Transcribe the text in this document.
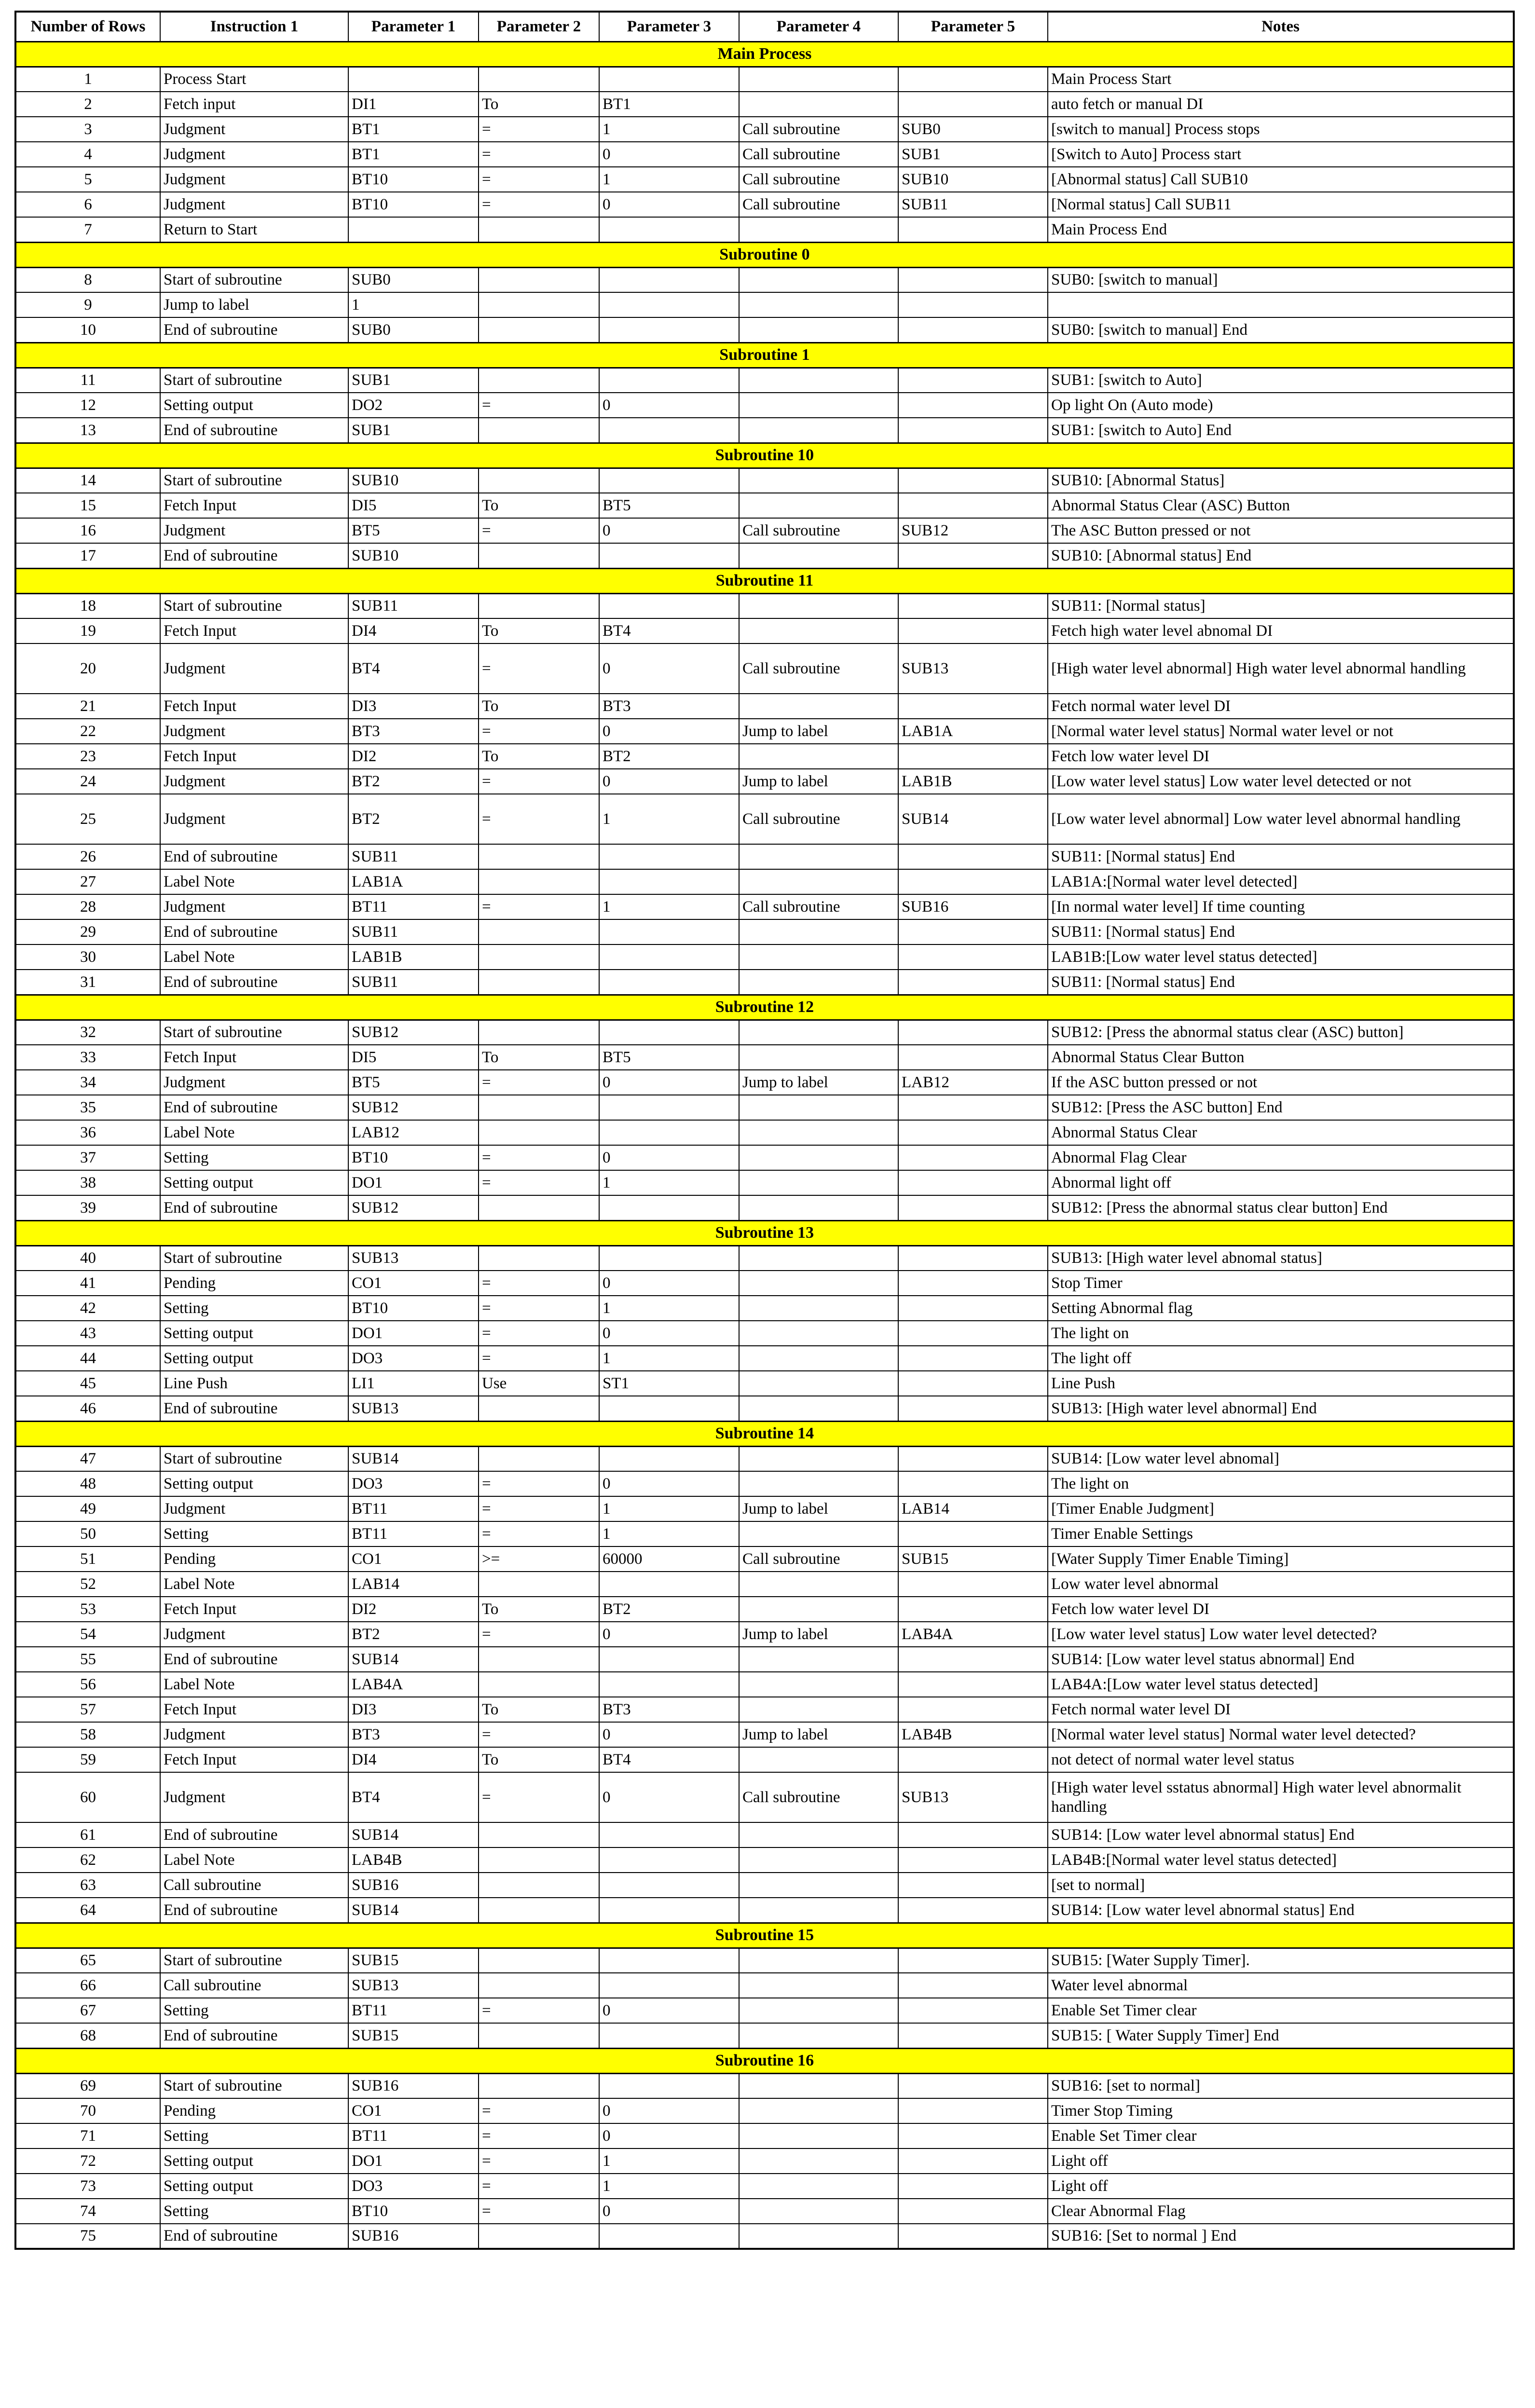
Number of Rows	Instruction 1	Parameter 1	Parameter 2	Parameter 3	Parameter 4	Parameter 5	Notes
Main Process							
1	Process Start						Main Process Start
2	Fetch input	DI1	To	BT1			auto fetch or manual DI
3	Judgment	BT1	=	1	Call subroutine	SUB0	[switch to manual] Process stops
4	Judgment	BT1	=	0	Call subroutine	SUB1	[Switch to Auto] Process start
5	Judgment	BT10	=	1	Call subroutine	SUB10	[Abnormal status] Call SUB10
6	Judgment	BT10	=	0	Call subroutine	SUB11	[Normal status] Call SUB11
7	Return to Start						Main Process End
Subroutine 0							
8	Start of subroutine	SUB0					SUB0: [switch to manual]
9	Jump to label	1					
10	End of subroutine	SUB0					SUB0: [switch to manual] End
Subroutine 1							
11	Start of subroutine	SUB1					SUB1: [switch to Auto]
12	Setting output	DO2	=	0			Op light On (Auto mode)
13	End of subroutine	SUB1					SUB1: [switch to Auto] End
Subroutine 10							
14	Start of subroutine	SUB10					SUB10: [Abnormal Status]
15	Fetch Input	DI5	To	BT5			Abnormal Status Clear (ASC) Button
16	Judgment	BT5	=	0	Call subroutine	SUB12	The ASC Button pressed or not
17	End of subroutine	SUB10					SUB10: [Abnormal status] End
Subroutine 11							
18	Start of subroutine	SUB11					SUB11: [Normal status]
19	Fetch Input	DI4	To	BT4			Fetch high water level abnomal DI
20	Judgment	BT4	=	0	Call subroutine	SUB13	[High water level abnormal] High water level abnormal handling
21	Fetch Input	DI3	To	BT3			Fetch normal water level DI
22	Judgment	BT3	=	0	Jump to label	LAB1A	[Normal water level status] Normal water level or not
23	Fetch Input	DI2	To	BT2			Fetch low water level DI
24	Judgment	BT2	=	0	Jump to label	LAB1B	[Low water level status] Low water level detected or not
25	Judgment	BT2	=	1	Call subroutine	SUB14	[Low water level abnormal] Low water level abnormal handling
26	End of subroutine	SUB11					SUB11: [Normal status] End
27	Label Note	LAB1A					LAB1A:[Normal water level detected]
28	Judgment	BT11	=	1	Call subroutine	SUB16	[In normal water level] If time counting
29	End of subroutine	SUB11					SUB11: [Normal status] End
30	Label Note	LAB1B					LAB1B:[Low water level status detected]
31	End of subroutine	SUB11					SUB11: [Normal status] End
Subroutine 12							
32	Start of subroutine	SUB12					SUB12: [Press the abnormal status clear (ASC) button]
33	Fetch Input	DI5	To	BT5			Abnormal Status Clear Button
34	Judgment	BT5	=	0	Jump to label	LAB12	If the ASC button pressed or not
35	End of subroutine	SUB12					SUB12: [Press the ASC button] End
36	Label Note	LAB12					Abnormal Status Clear
37	Setting	BT10	=	0			Abnormal Flag Clear
38	Setting output	DO1	=	1			Abnormal light off
39	End of subroutine	SUB12					SUB12: [Press the abnormal status clear button] End
Subroutine 13							
40	Start of subroutine	SUB13					SUB13: [High water level abnomal status]
41	Pending	CO1	=	0			Stop Timer
42	Setting	BT10	=	1			Setting Abnormal flag
43	Setting output	DO1	=	0			The light on
44	Setting output	DO3	=	1			The light off
45	Line Push	LI1	Use	ST1			Line Push
46	End of subroutine	SUB13					SUB13: [High water level abnormal] End
Subroutine 14							
47	Start of subroutine	SUB14					SUB14: [Low water level abnomal]
48	Setting output	DO3	=	0			The light on
49	Judgment	BT11	=	1	Jump to label	LAB14	[Timer Enable Judgment]
50	Setting	BT11	=	1			Timer Enable Settings
51	Pending	CO1	>=	60000	Call subroutine	SUB15	[Water Supply Timer Enable Timing]
52	Label Note	LAB14					Low water level abnormal
53	Fetch Input	DI2	To	BT2			Fetch low water level DI
54	Judgment	BT2	=	0	Jump to label	LAB4A	[Low water level status] Low water level detected?
55	End of subroutine	SUB14					SUB14: [Low water level status abnormal] End
56	Label Note	LAB4A					LAB4A:[Low water level status detected]
57	Fetch Input	DI3	To	BT3			Fetch normal water level DI
58	Judgment	BT3	=	0	Jump to label	LAB4B	[Normal water level status] Normal water level detected?
59	Fetch Input	DI4	To	BT4			not detect of normal water level status
60	Judgment	BT4	=	0	Call subroutine	SUB13	[High water level sstatus abnormal] High water level abnormalit handling
61	End of subroutine	SUB14					SUB14: [Low water level abnormal status] End
62	Label Note	LAB4B					LAB4B:[Normal water level status detected]
63	Call subroutine	SUB16					[set to normal]
64	End of subroutine	SUB14					SUB14: [Low water level abnormal status] End
Subroutine 15							
65	Start of subroutine	SUB15					SUB15: [Water Supply Timer].
66	Call subroutine	SUB13					Water level abnormal
67	Setting	BT11	=	0			Enable Set Timer clear
68	End of subroutine	SUB15					SUB15: [ Water Supply Timer] End
Subroutine 16							
69	Start of subroutine	SUB16					SUB16: [set to normal]
70	Pending	CO1	=	0			Timer Stop Timing
71	Setting	BT11	=	0			Enable Set Timer clear
72	Setting output	DO1	=	1			Light off
73	Setting output	DO3	=	1			Light off
74	Setting	BT10	=	0			Clear Abnormal Flag
75	End of subroutine	SUB16					SUB16: [Set to normal ] End
